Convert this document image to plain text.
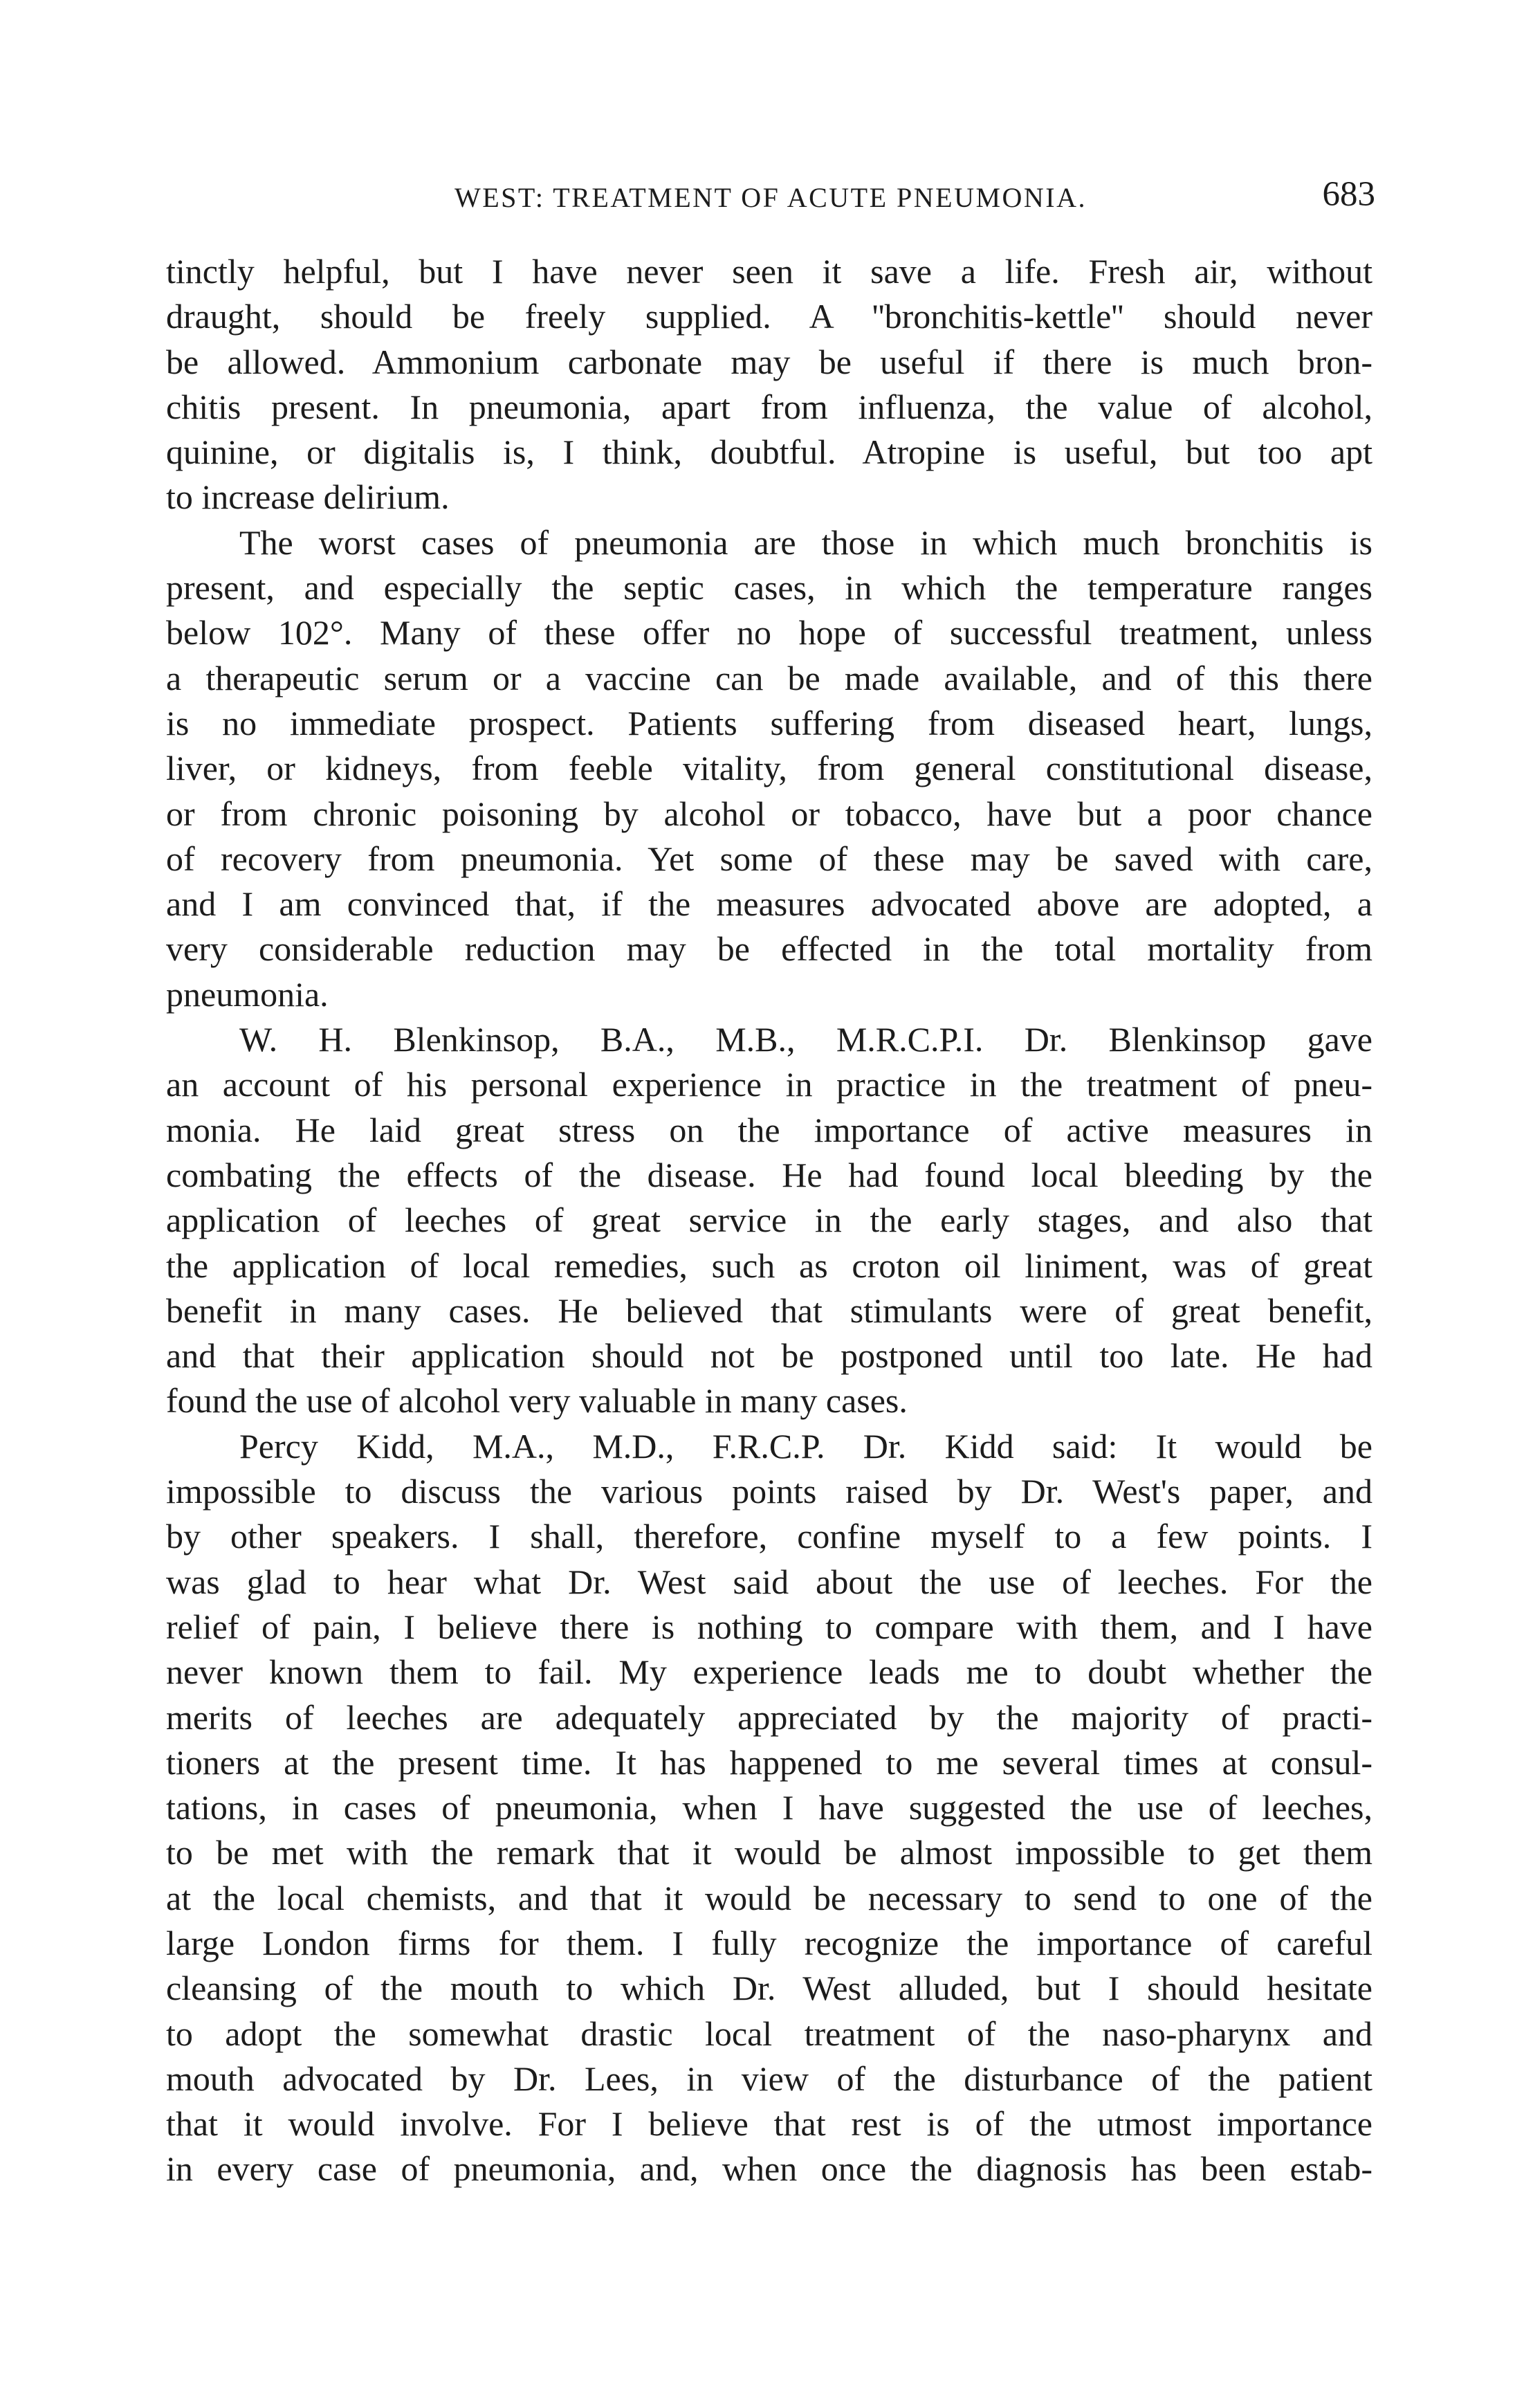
WEST: TREATMENT OF ACUTE PNEUMONIA.	683
tinctly helpful, but I have never seen it save a life. Fresh air, without
draught, should be freely supplied. A ''bronchitis-kettle'' should never
be allowed. Ammonium carbonate may be useful if there is much bron-
chitis present. In pneumonia, apart from influenza, the value of alcohol,
quinine, or digitalis is, I think, doubtful. Atropine is useful, but too apt
to increase delirium.
The worst cases of pneumonia are those in which much bronchitis is
present, and especially the septic cases, in which the temperature ranges
below 102°. Many of these offer no hope of successful treatment, unless
a therapeutic serum or a vaccine can be made available, and of this there
is no immediate prospect. Patients suffering from diseased heart, lungs,
liver, or kidneys, from feeble vitality, from general constitutional disease,
or from chronic poisoning by alcohol or tobacco, have but a poor chance
of recovery from pneumonia. Yet some of these may be saved with care,
and I am convinced that, if the measures advocated above are adopted, a
very considerable reduction may be effected in the total mortality from
pneumonia.
W. H. Blenkinsop, B.A., M.B., M.R.C.P.I. Dr. Blenkinsop gave
an account of his personal experience in practice in the treatment of pneu-
monia. He laid great stress on the importance of active measures in
combating the effects of the disease. He had found local bleeding by the
application of leeches of great service in the early stages, and also that
the application of local remedies, such as croton oil liniment, was of great
benefit in many cases. He believed that stimulants were of great benefit,
and that their application should not be postponed until too late. He had
found the use of alcohol very valuable in many cases.
Percy Kidd, M.A., M.D., F.R.C.P. Dr. Kidd said: It would be
impossible to discuss the various points raised by Dr. West's paper, and
by other speakers. I shall, therefore, confine myself to a few points. I
was glad to hear what Dr. West said about the use of leeches. For the
relief of pain, I believe there is nothing to compare with them, and I have
never known them to fail. My experience leads me to doubt whether the
merits of leeches are adequately appreciated by the majority of practi-
tioners at the present time. It has happened to me several times at consul-
tations, in cases of pneumonia, when I have suggested the use of leeches,
to be met with the remark that it would be almost impossible to get them
at the local chemists, and that it would be necessary to send to one of the
large London firms for them. I fully recognize the importance of careful
cleansing of the mouth to which Dr. West alluded, but I should hesitate
to adopt the somewhat drastic local treatment of the naso-pharynx and
mouth advocated by Dr. Lees, in view of the disturbance of the patient
that it would involve. For I believe that rest is of the utmost importance
in every case of pneumonia, and, when once the diagnosis has been estab-
